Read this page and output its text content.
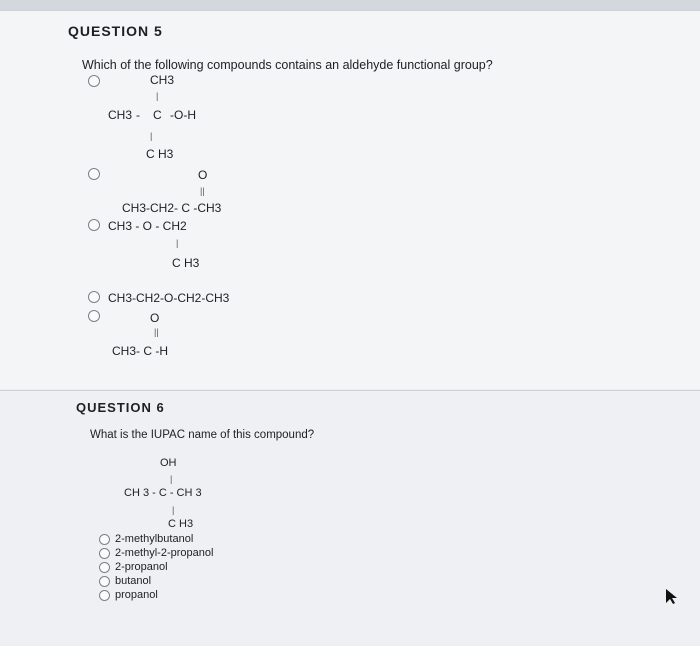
QUESTION 5
Which of the following compounds contains an aldehyde functional group?
CH3
|
CH3 - C -O-H
|
C H3
O
||
CH3-CH2- C -CH3
CH3 - O - CH2
|
C H3
CH3-CH2-O-CH2-CH3
O
||
CH3- C -H
QUESTION 6
What is the IUPAC name of this compound?
OH
|
CH 3 - C - CH 3
|
C H3
2-methylbutanol
2-methyl-2-propanol
2-propanol
butanol
propanol
